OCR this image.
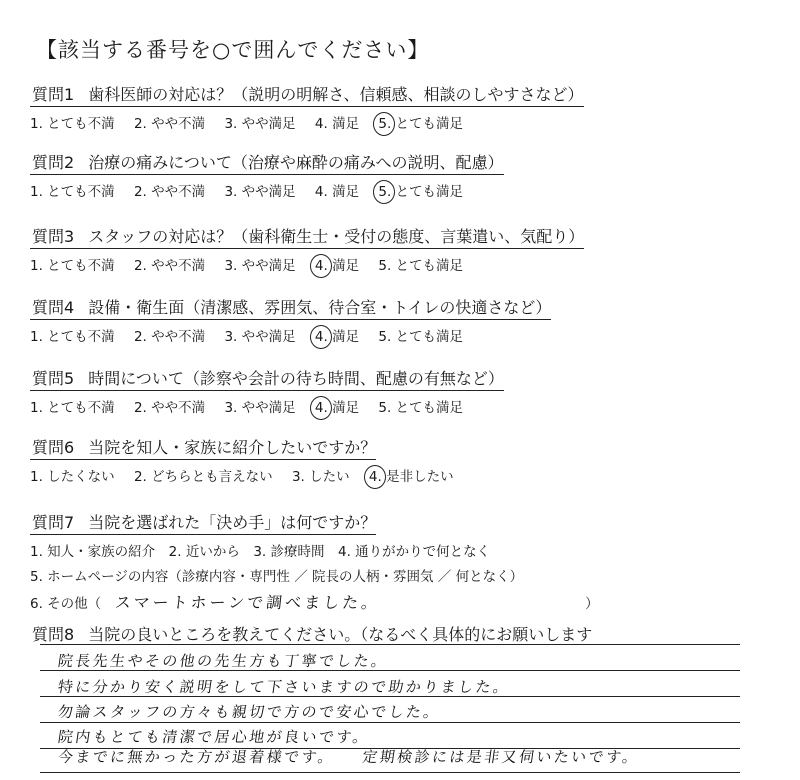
【該当する番号を○で囲んでください】
質問1 歯科医師の対応は？（説明の明解さ、信頼感、相談のしやすさなど）
1. とても不満 2. やや不満 3. やや満足 4. 満足 5. とても満足
質問2 治療の痛みについて（治療や麻酔の痛みへの説明、配慮）
1. とても不満 2. やや不満 3. やや満足 4. 満足 5. とても満足
質問3 スタッフの対応は？（歯科衛生士・受付の態度、言葉遣い、気配り）
1. とても不満 2. やや不満 3. やや満足 4. 満足 5. とても満足
質問4 設備・衛生面（清潔感、雰囲気、待合室・トイレの快適さなど）
1. とても不満 2. やや不満 3. やや満足 4. 満足 5. とても満足
質問5 時間について（診察や会計の待ち時間、配慮の有無など）
1. とても不満 2. やや不満 3. やや満足 4. 満足 5. とても満足
質問6 当院を知人・家族に紹介したいですか？
1. したくない 2. どちらとも言えない 3. したい 4. 是非したい
質問7 当院を選ばれた「決め手」は何ですか？
1. 知人・家族の紹介　2. 近いから　3. 診療時間　4. 通りがかりで何となく
5. ホームページの内容（診療内容・専門性 ／ 院長の人柄・雰囲気 ／ 何となく）
6. その他（ スマートホーンで調べました。	）
質問8 当院の良いところを教えてください。（なるべく具体的にお願いします
院長先生やその他の先生方も丁寧でした。
特に分かり安く説明をして下さいますので助かりました。
勿論スタッフの方々も親切で方ので安心でした。
院内もとても清潔で居心地が良いです。
今までに無かった方が退着様です。　　定期検診には是非又伺いたいです。
